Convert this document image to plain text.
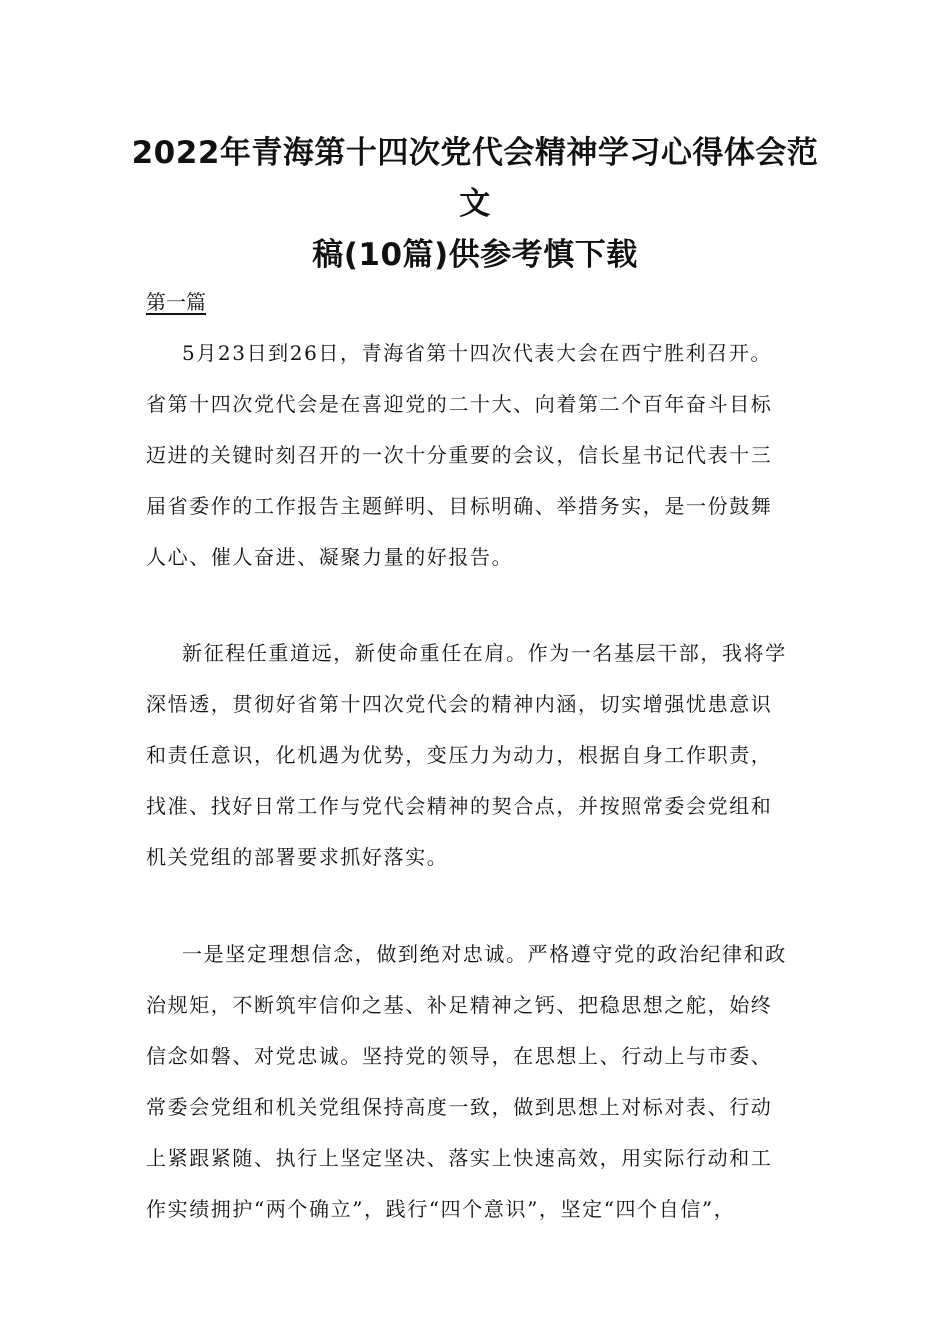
2022年青海第十四次党代会精神学习心得体会范文
稿(10篇)供参考慎下载

第一篇

5月23日到26日，青海省第十四次代表大会在西宁胜利召开。
省第十四次党代会是在喜迎党的二十大、向着第二个百年奋斗目标
迈进的关键时刻召开的一次十分重要的会议，信长星书记代表十三
届省委作的工作报告主题鲜明、目标明确、举措务实，是一份鼓舞
人心、催人奋进、凝聚力量的好报告。

新征程任重道远，新使命重任在肩。作为一名基层干部，我将学
深悟透，贯彻好省第十四次党代会的精神内涵，切实增强忧患意识
和责任意识，化机遇为优势，变压力为动力，根据自身工作职责，
找准、找好日常工作与党代会精神的契合点，并按照常委会党组和
机关党组的部署要求抓好落实。

一是坚定理想信念，做到绝对忠诚。严格遵守党的政治纪律和政
治规矩，不断筑牢信仰之基、补足精神之钙、把稳思想之舵，始终
信念如磐、对党忠诚。坚持党的领导，在思想上、行动上与市委、
常委会党组和机关党组保持高度一致，做到思想上对标对表、行动
上紧跟紧随、执行上坚定坚决、落实上快速高效，用实际行动和工
作实绩拥护“两个确立”，践行“四个意识”，坚定“四个自信”，
